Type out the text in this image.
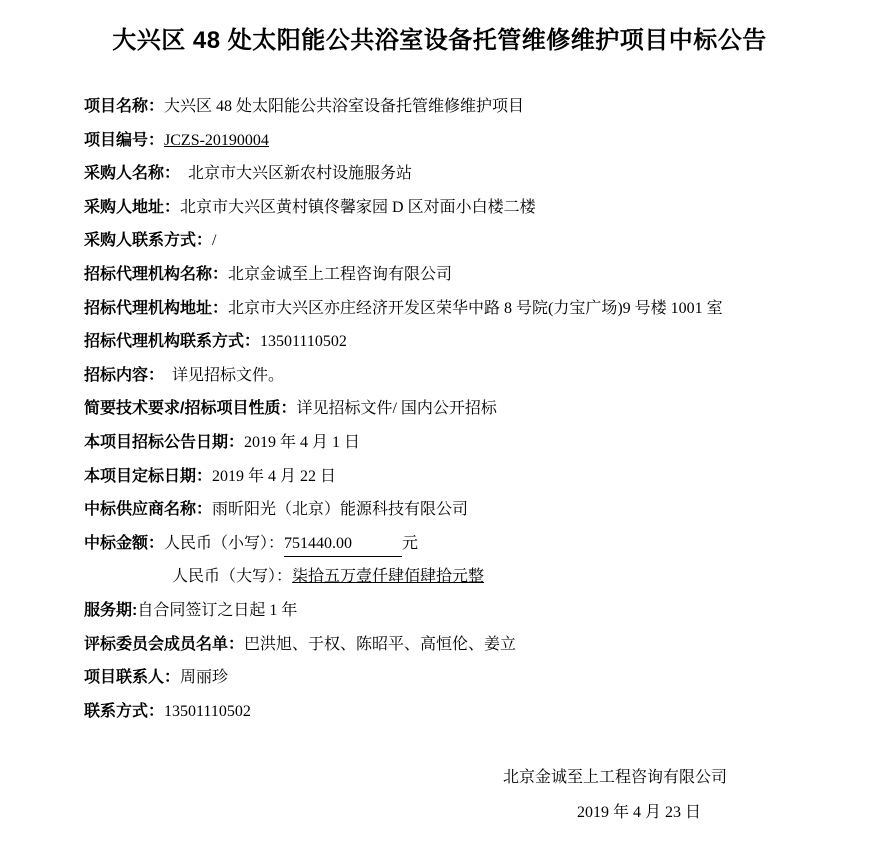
大兴区 48 处太阳能公共浴室设备托管维修维护项目中标公告
项目名称：大兴区 48 处太阳能公共浴室设备托管维修维护项目
项目编号：JCZS-20190004
采购人名称：  北京市大兴区新农村设施服务站
采购人地址：北京市大兴区黄村镇佟馨家园 D 区对面小白楼二楼
采购人联系方式：/
招标代理机构名称：北京金诚至上工程咨询有限公司
招标代理机构地址：北京市大兴区亦庄经济开发区荣华中路 8 号院(力宝广场)9 号楼 1001 室
招标代理机构联系方式：13501110502
招标内容：  详见招标文件。
简要技术要求/招标项目性质：详见招标文件/ 国内公开招标
本项目招标公告日期：2019 年 4 月 1 日
本项目定标日期：2019 年 4 月 22 日
中标供应商名称：雨昕阳光（北京）能源科技有限公司
中标金额：人民币（小写）：751440.00	元
人民币（大写）：柒拾五万壹仟肆佰肆拾元整
服务期:自合同签订之日起 1 年
评标委员会成员名单：巴洪旭、于权、陈昭平、高恒伦、姜立
项目联系人：周丽珍
联系方式：13501110502
北京金诚至上工程咨询有限公司
2019 年 4 月 23 日
